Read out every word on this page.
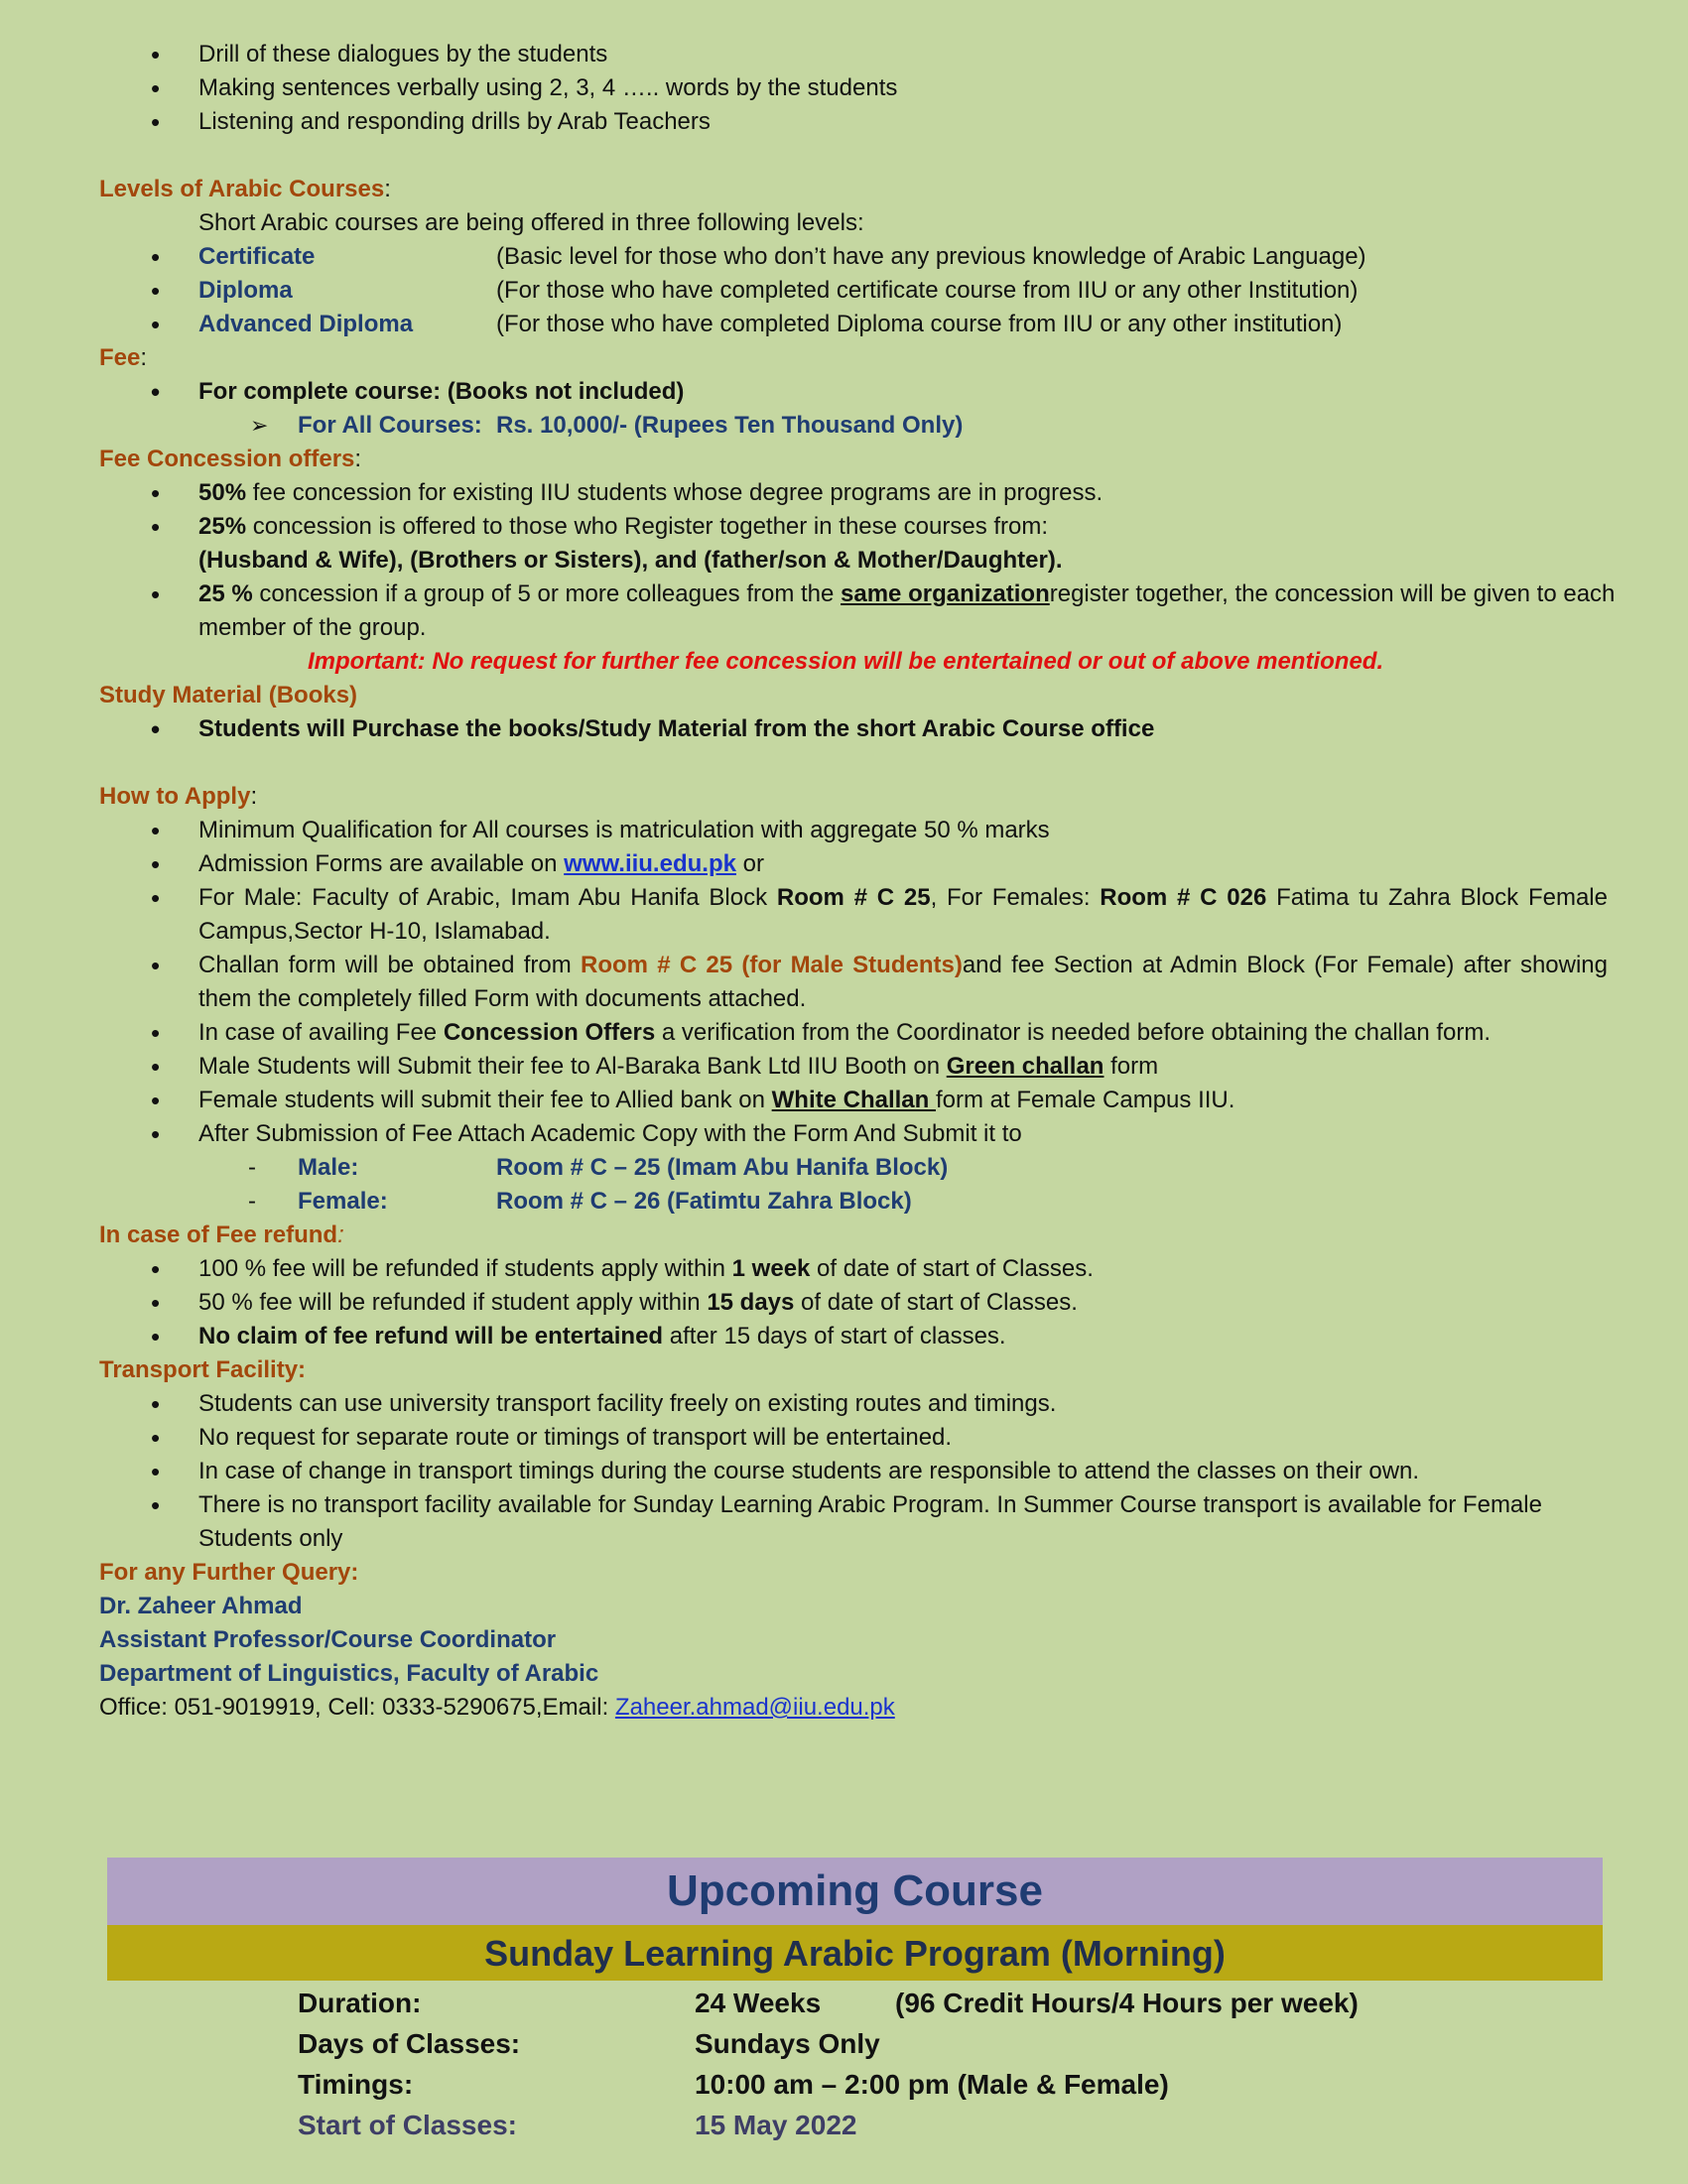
• Drill of these dialogues by the students
• Making sentences verbally using 2, 3, 4 ….. words by the students
• Listening and responding drills by Arab Teachers
Levels of Arabic Courses:
Short Arabic courses are being offered in three following levels:
• Certificate	(Basic level for those who don’t have any previous knowledge of Arabic Language)
• Diploma	(For those who have completed certificate course from IIU or any other Institution)
• Advanced Diploma	(For those who have completed Diploma course from IIU or any other institution)
Fee:
• For complete course: (Books not included)
➢ For All Courses: Rs. 10,000/- (Rupees Ten Thousand Only)
Fee Concession offers:
• 50% fee concession for existing IIU students whose degree programs are in progress.
• 25% concession is offered to those who Register together in these courses from:
(Husband & Wife), (Brothers or Sisters), and (father/son & Mother/Daughter).
• 25 % concession if a group of 5 or more colleagues from the same organizationregister together, the concession will be given to each member of the group.
Important: No request for further fee concession will be entertained or out of above mentioned.
Study Material (Books)
• Students will Purchase the books/Study Material from the short Arabic Course office
How to Apply:
• Minimum Qualification for All courses is matriculation with aggregate 50 % marks
• Admission Forms are available on www.iiu.edu.pk or
• For Male: Faculty of Arabic, Imam Abu Hanifa Block Room # C 25, For Females: Room # C 026 Fatima tu Zahra Block Female Campus,Sector H-10, Islamabad.
• Challan form will be obtained from Room # C 25 (for Male Students)and fee Section at Admin Block (For Female) after showing them the completely filled Form with documents attached.
• In case of availing Fee Concession Offers a verification from the Coordinator is needed before obtaining the challan form.
• Male Students will Submit their fee to Al-Baraka Bank Ltd IIU Booth on Green challan form
• Female students will submit their fee to Allied bank on White Challan form at Female Campus IIU.
• After Submission of Fee Attach Academic Copy with the Form And Submit it to
- Male:	Room # C – 25 (Imam Abu Hanifa Block)
- Female:	Room # C – 26 (Fatimtu Zahra Block)
In case of Fee refund:
• 100 % fee will be refunded if students apply within 1 week of date of start of Classes.
• 50 % fee will be refunded if student apply within 15 days of date of start of Classes.
• No claim of fee refund will be entertained after 15 days of start of classes.
Transport Facility:
• Students can use university transport facility freely on existing routes and timings.
• No request for separate route or timings of transport will be entertained.
• In case of change in transport timings during the course students are responsible to attend the classes on their own.
• There is no transport facility available for Sunday Learning Arabic Program. In Summer Course transport is available for Female Students only
For any Further Query:
Dr. Zaheer Ahmad
Assistant Professor/Course Coordinator
Department of Linguistics, Faculty of Arabic
Office: 051-9019919, Cell: 0333-5290675,Email: Zaheer.ahmad@iiu.edu.pk
Upcoming Course
Sunday Learning Arabic Program (Morning)
Duration:	24 Weeks	(96 Credit Hours/4 Hours per week)
Days of Classes:	Sundays Only
Timings:	10:00 am – 2:00 pm (Male & Female)
Start of Classes:	15 May 2022
